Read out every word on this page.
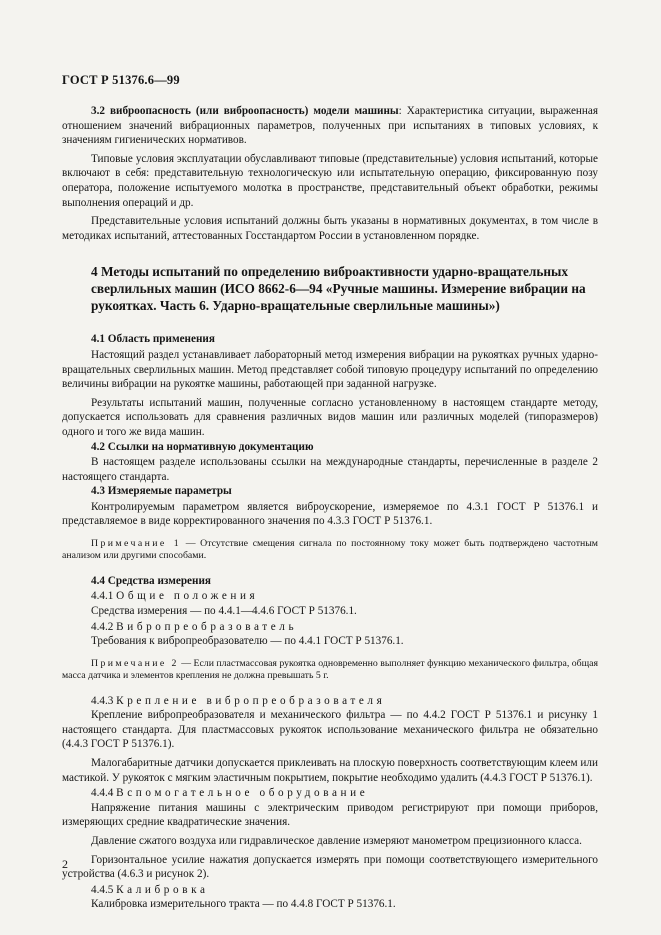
ГОСТ Р 51376.6—99

3.2 виброопасность (или виброопасность) модели машины: Характеристика ситуации, выраженная отношением значений вибрационных параметров, полученных при испытаниях в типовых условиях, к значениям гигиенических нормативов.

Типовые условия эксплуатации обуславливают типовые (представительные) условия испытаний, которые включают в себя: представительную технологическую или испытательную операцию, фиксированную позу оператора, положение испытуемого молотка в пространстве, представительный объект обработки, режимы выполнения операций и др.

Представительные условия испытаний должны быть указаны в нормативных документах, в том числе в методиках испытаний, аттестованных Госстандартом России в установленном порядке.

4 Методы испытаний по определению виброактивности ударно-вращательных сверлильных машин (ИСО 8662-6—94 «Ручные машины. Измерение вибрации на рукоятках. Часть 6. Ударно-вращательные сверлильные машины»)
4.1 Область применения

Настоящий раздел устанавливает лабораторный метод измерения вибрации на рукоятках ручных ударно-вращательных сверлильных машин. Метод представляет собой типовую процедуру испытаний по определению величины вибрации на рукоятке машины, работающей при заданной нагрузке.

Результаты испытаний машин, полученные согласно установленному в настоящем стандарте методу, допускается использовать для сравнения различных видов машин или различных моделей (типоразмеров) одного и того же вида машин.

4.2 Ссылки на нормативную документацию

В настоящем разделе использованы ссылки на международные стандарты, перечисленные в разделе 2 настоящего стандарта.

4.3 Измеряемые параметры

Контролируемым параметром является виброускорение, измеряемое по 4.3.1 ГОСТ Р 51376.1 и представляемое в виде корректированного значения по 4.3.3 ГОСТ Р 51376.1.

Примечание 1 — Отсутствие смещения сигнала по постоянному току может быть подтверждено частотным анализом или другими способами.

4.4 Средства измерения
4.4.1 Общие положения

Средства измерения — по 4.4.1—4.4.6 ГОСТ Р 51376.1.

4.4.2 Вибропреобразователь

Требования к вибропреобразователю — по 4.4.1 ГОСТ Р 51376.1.

Примечание 2 — Если пластмассовая рукоятка одновременно выполняет функцию механического фильтра, общая масса датчика и элементов крепления не должна превышать 5 г.

4.4.3 Крепление вибропреобразователя

Крепление вибропреобразователя и механического фильтра — по 4.4.2 ГОСТ Р 51376.1 и рисунку 1 настоящего стандарта. Для пластмассовых рукояток использование механического фильтра не обязательно (4.4.3 ГОСТ Р 51376.1).

Малогабаритные датчики допускается приклеивать на плоскую поверхность соответствующим клеем или мастикой. У рукояток с мягким эластичным покрытием, покрытие необходимо удалить (4.4.3 ГОСТ Р 51376.1).

4.4.4 Вспомогательное оборудование

Напряжение питания машины с электрическим приводом регистрируют при помощи приборов, измеряющих средние квадратические значения.

Давление сжатого воздуха или гидравлическое давление измеряют манометром прецизионного класса.

Горизонтальное усилие нажатия допускается измерять при помощи соответствующего измерительного устройства (4.6.3 и рисунок 2).

4.4.5 Калибровка

Калибровка измерительного тракта — по 4.4.8 ГОСТ Р 51376.1.

2
